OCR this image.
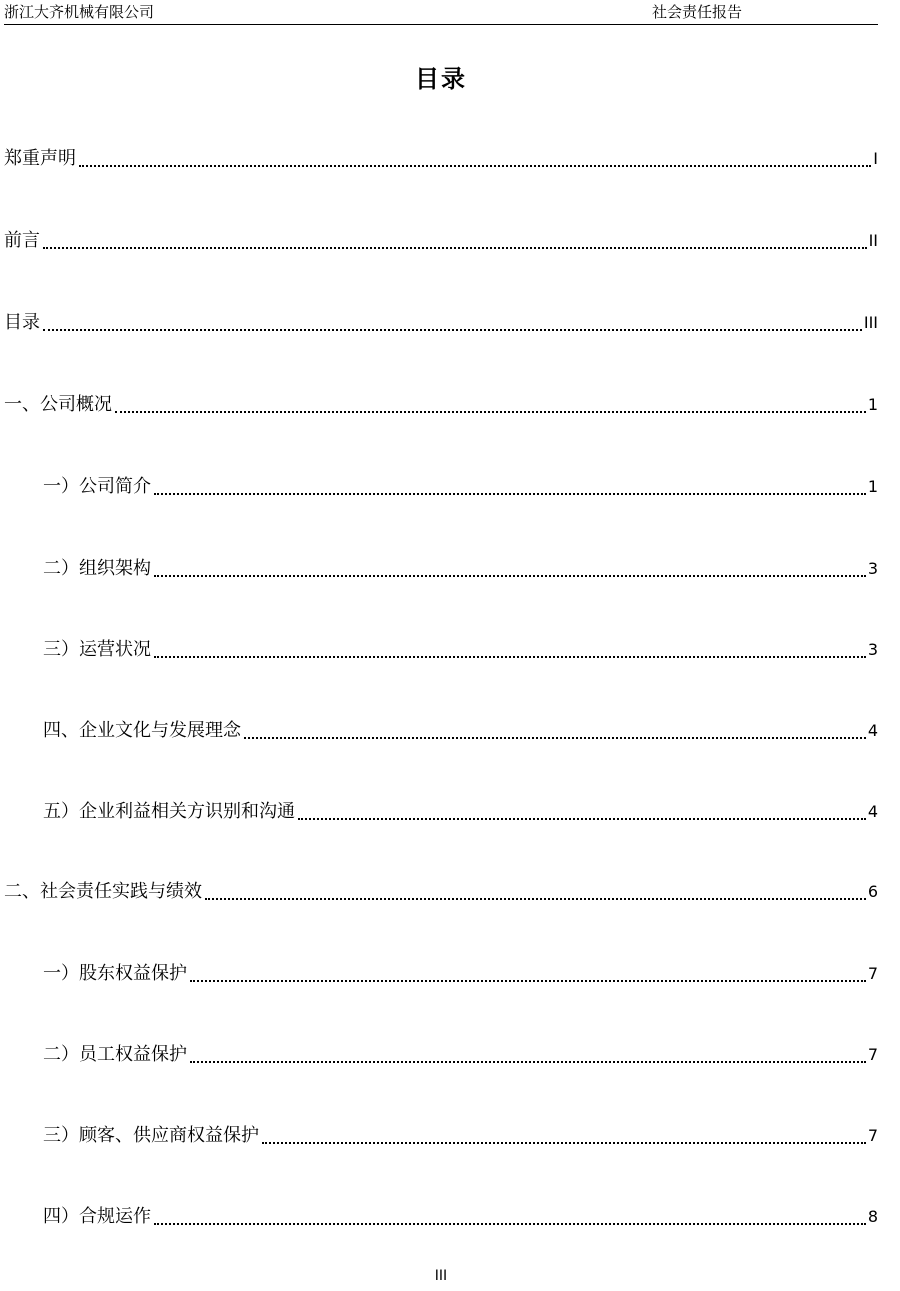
浙江大齐机械有限公司	社会责任报告
目录
郑重声明	I
前言	II
目录	III
一、公司概况	1
一）公司简介	1
二）组织架构	3
三）运营状况	3
四、企业文化与发展理念	4
五）企业利益相关方识别和沟通	4
二、社会责任实践与绩效	6
一）股东权益保护	7
二）员工权益保护	7
三）顾客、供应商权益保护	7
四）合规运作	8
III
